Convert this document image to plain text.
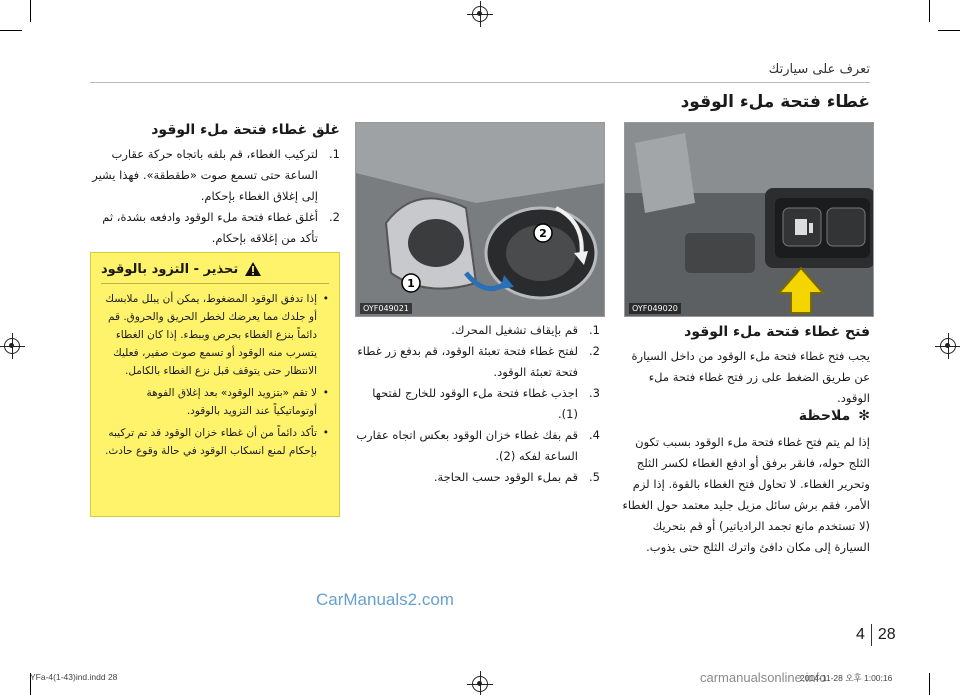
تعرف على سيارتك
غطاء فتحة ملء الوقود
OYF049020
1
2
OYF049021
فتح غطاء فتحة ملء الوقود
يجب فتح غطاء فتحة ملء الوقود من داخل السيارة عن طريق الضغط على زر فتح غطاء فتحة ملء الوقود.
✻
ملاحظة
إذا لم يتم فتح غطاء فتحة ملء الوقود بسبب تكون الثلج حوله، فانقر برفق أو ادفع الغطاء لكسر الثلج وتحرير الغطاء. لا تحاول فتح الغطاء بالقوة. إذا لزم الأمر، فقم برش سائل مزيل جليد معتمد حول الغطاء (لا تستخدم مانع تجمد الرادياتير) أو قم بتحريك السيارة إلى مكان دافئ واترك الثلج حتى يذوب.
1.
قم بإيقاف تشغيل المحرك.
2.
لفتح غطاء فتحة تعبئة الوقود، قم بدفع زر غطاء فتحة تعبئة الوقود.
3.
اجذب غطاء فتحة ملء الوقود للخارج لفتحها (1).
4.
قم بفك غطاء خزان الوقود بعكس اتجاه عقارب الساعة لفكه (2).
5.
قم بملء الوقود حسب الحاجة.
غلق غطاء فتحة ملء الوقود
1.
لتركيب الغطاء، قم بلفه باتجاه حركة عقارب الساعة حتى تسمع صوت «طقطقة». فهذا يشير إلى إغلاق الغطاء بإحكام.
2.
أغلق غطاء فتحة ملء الوقود وادفعه بشدة، ثم تأكد من إغلاقه بإحكام.
تحذير - التزود بالوقود
• إذا تدفق الوقود المضغوط، يمكن أن يبلل ملابسك أو جلدك مما يعرضك لخطر الحريق والحروق. قم دائماً بنزع الغطاء بحرص وببطء. إذا كان الغطاء يتسرب منه الوقود أو تسمع صوت صفير، فعليك الانتظار حتى يتوقف قبل نزع الغطاء بالكامل.
• لا تقم «بتزويد الوقود» بعد إغلاق الفوهة أوتوماتيكياً عند التزويد بالوقود.
• تأكد دائماً من أن غطاء خزان الوقود قد تم تركيبه بإحكام لمنع انسكاب الوقود في حالة وقوع حادث.
CarManuals2.com
4 28
YFa-4(1-43)ind.indd 28	carmanualsonline.info
2014-11-28 오후 1:00:16
